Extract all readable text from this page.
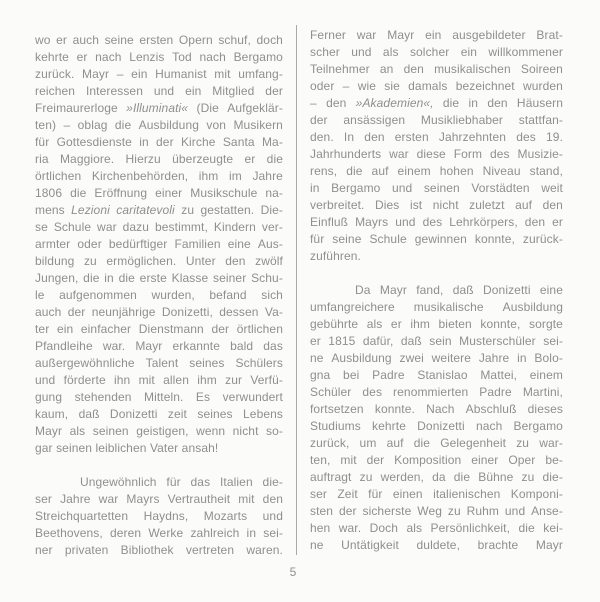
wo er auch seine ersten Opern schuf, doch
kehrte er nach Lenzis Tod nach Bergamo
zurück. Mayr – ein Humanist mit umfang-
reichen Interessen und ein Mitglied der
Freimaurerloge »Illuminati« (Die Aufgeklär-
ten) – oblag die Ausbildung von Musikern
für Gottesdienste in der Kirche Santa Ma-
ria Maggiore. Hierzu überzeugte er die
örtlichen Kirchenbehörden, ihm im Jahre
1806 die Eröffnung einer Musikschule na-
mens Lezioni caritatevoli zu gestatten. Die-
se Schule war dazu bestimmt, Kindern ver-
armter oder bedürftiger Familien eine Aus-
bildung zu ermöglichen. Unter den zwölf
Jungen, die in die erste Klasse seiner Schu-
le aufgenommen wurden, befand sich
auch der neunjährige Donizetti, dessen Va-
ter ein einfacher Dienstmann der örtlichen
Pfandleihe war. Mayr erkannte bald das
außergewöhnliche Talent seines Schülers
und förderte ihn mit allen ihm zur Verfü-
gung stehenden Mitteln. Es verwundert
kaum, daß Donizetti zeit seines Lebens
Mayr als seinen geistigen, wenn nicht so-
gar seinen leiblichen Vater ansah!
Ungewöhnlich für das Italien die-
ser Jahre war Mayrs Vertrautheit mit den
Streichquartetten Haydns, Mozarts und
Beethovens, deren Werke zahlreich in sei-
ner privaten Bibliothek vertreten waren.
Ferner war Mayr ein ausgebildeter Brat-
scher und als solcher ein willkommener
Teilnehmer an den musikalischen Soireen
oder – wie sie damals bezeichnet wurden
– den »Akademien«, die in den Häusern
der ansässigen Musikliebhaber stattfan-
den. In den ersten Jahrzehnten des 19.
Jahrhunderts war diese Form des Musizie-
rens, die auf einem hohen Niveau stand,
in Bergamo und seinen Vorstädten weit
verbreitet. Dies ist nicht zuletzt auf den
Einfluß Mayrs und des Lehrkörpers, den er
für seine Schule gewinnen konnte, zurück-
zuführen.
Da Mayr fand, daß Donizetti eine
umfangreichere musikalische Ausbildung
gebührte als er ihm bieten konnte, sorgte
er 1815 dafür, daß sein Musterschüler sei-
ne Ausbildung zwei weitere Jahre in Bolo-
gna bei Padre Stanislao Mattei, einem
Schüler des renommierten Padre Martini,
fortsetzen konnte. Nach Abschluß dieses
Studiums kehrte Donizetti nach Bergamo
zurück, um auf die Gelegenheit zu war-
ten, mit der Komposition einer Oper be-
auftragt zu werden, da die Bühne zu die-
ser Zeit für einen italienischen Komponi-
sten der sicherste Weg zu Ruhm und Anse-
hen war. Doch als Persönlichkeit, die kei-
ne Untätigkeit duldete, brachte Mayr
5
